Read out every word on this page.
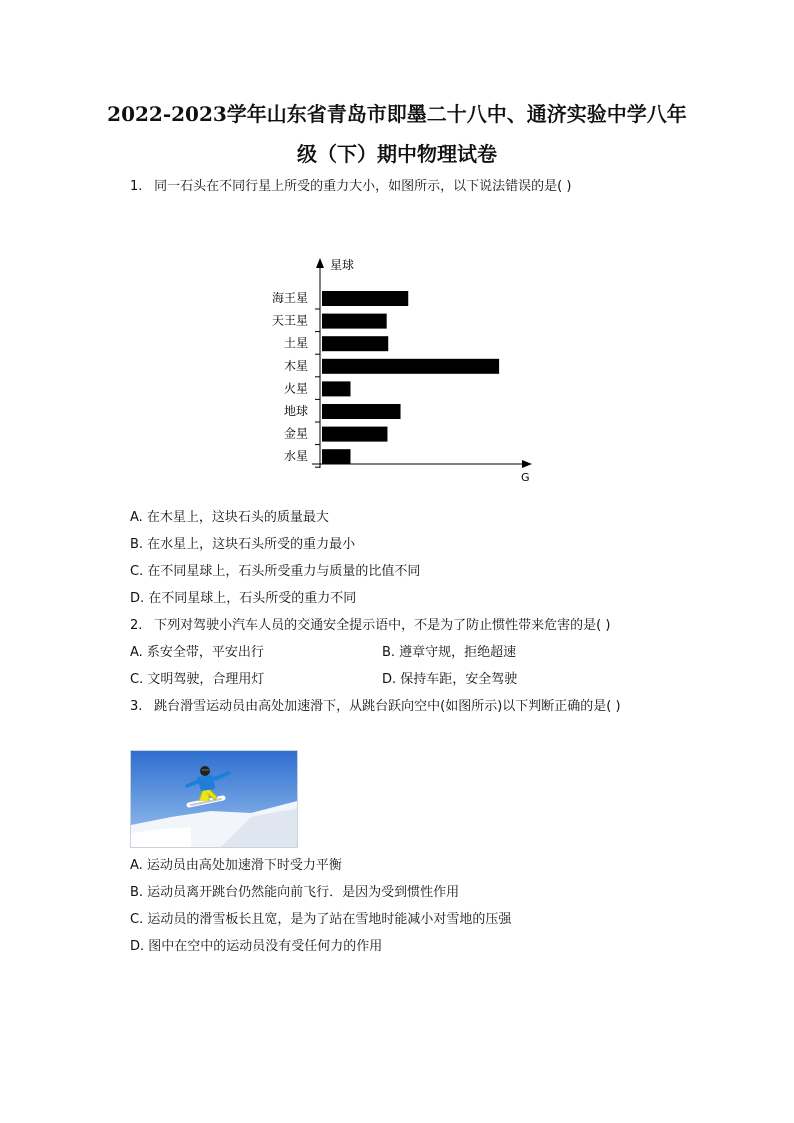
2022-2023学年山东省青岛市即墨二十八中、通济实验中学八年
级（下）期中物理试卷
1. 同一石头在不同行星上所受的重力大小，如图所示，以下说法错误的是( )
星球
G
海王星
天王星
土星
木星
火星
地球
金星
水星
A. 在木星上，这块石头的质量最大
B. 在水星上，这块石头所受的重力最小
C. 在不同星球上，石头所受重力与质量的比值不同
D. 在不同星球上，石头所受的重力不同
2. 下列对驾驶小汽车人员的交通安全提示语中，不是为了防止惯性带来危害的是( )
A. 系安全带，平安出行	B. 遵章守规，拒绝超速
C. 文明驾驶，合理用灯	D. 保持车距，安全驾驶
3. 跳台滑雪运动员由高处加速滑下，从跳台跃向空中(如图所示)以下判断正确的是( )
A. 运动员由高处加速滑下时受力平衡
B. 运动员离开跳台仍然能向前飞行．是因为受到惯性作用
C. 运动员的滑雪板长且宽，是为了站在雪地时能减小对雪地的压强
D. 图中在空中的运动员没有受任何力的作用
